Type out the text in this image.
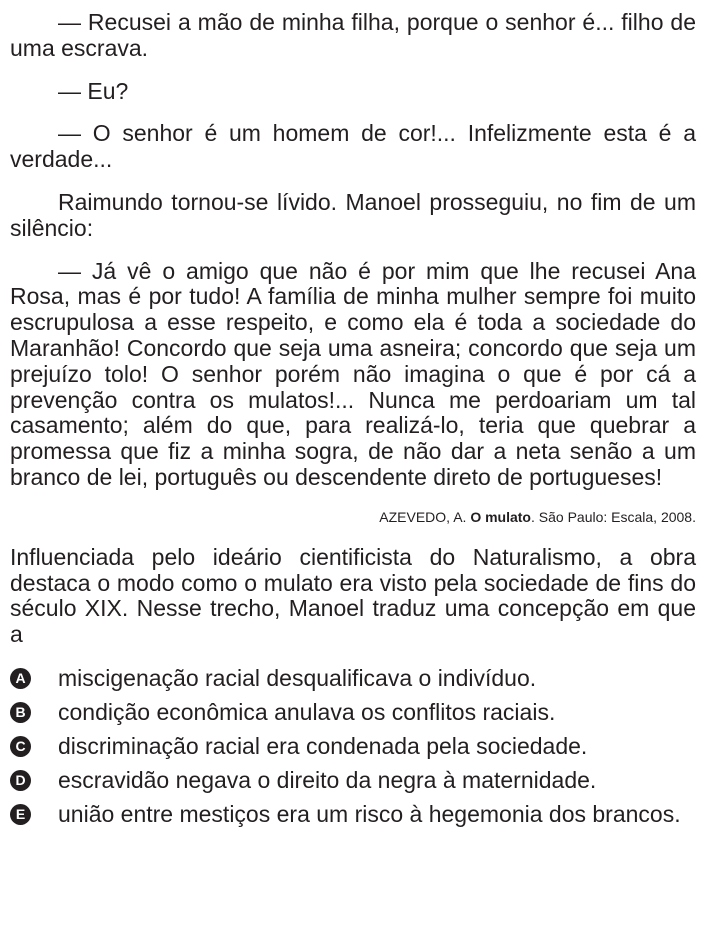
— Recusei a mão de minha filha, porque o senhor é... filho de uma escrava.

— Eu?

— O senhor é um homem de cor!... Infelizmente esta é a verdade...

Raimundo tornou-se lívido. Manoel prosseguiu, no fim de um silêncio:

— Já vê o amigo que não é por mim que lhe recusei Ana Rosa, mas é por tudo! A família de minha mulher sempre foi muito escrupulosa a esse respeito, e como ela é toda a sociedade do Maranhão! Concordo que seja uma asneira; concordo que seja um prejuízo tolo! O senhor porém não imagina o que é por cá a prevenção contra os mulatos!... Nunca me perdoariam um tal casamento; além do que, para realizá-lo, teria que quebrar a promessa que fiz a minha sogra, de não dar a neta senão a um branco de lei, português ou descendente direto de portugueses!

AZEVEDO, A. O mulato. São Paulo: Escala, 2008.

Influenciada pelo ideário cientificista do Naturalismo, a obra destaca o modo como o mulato era visto pela sociedade de fins do século XIX. Nesse trecho, Manoel traduz uma concepção em que a

A miscigenação racial desqualificava o indivíduo.
B condição econômica anulava os conflitos raciais.
C discriminação racial era condenada pela sociedade.
D escravidão negava o direito da negra à maternidade.
E união entre mestiços era um risco à hegemonia dos brancos.
